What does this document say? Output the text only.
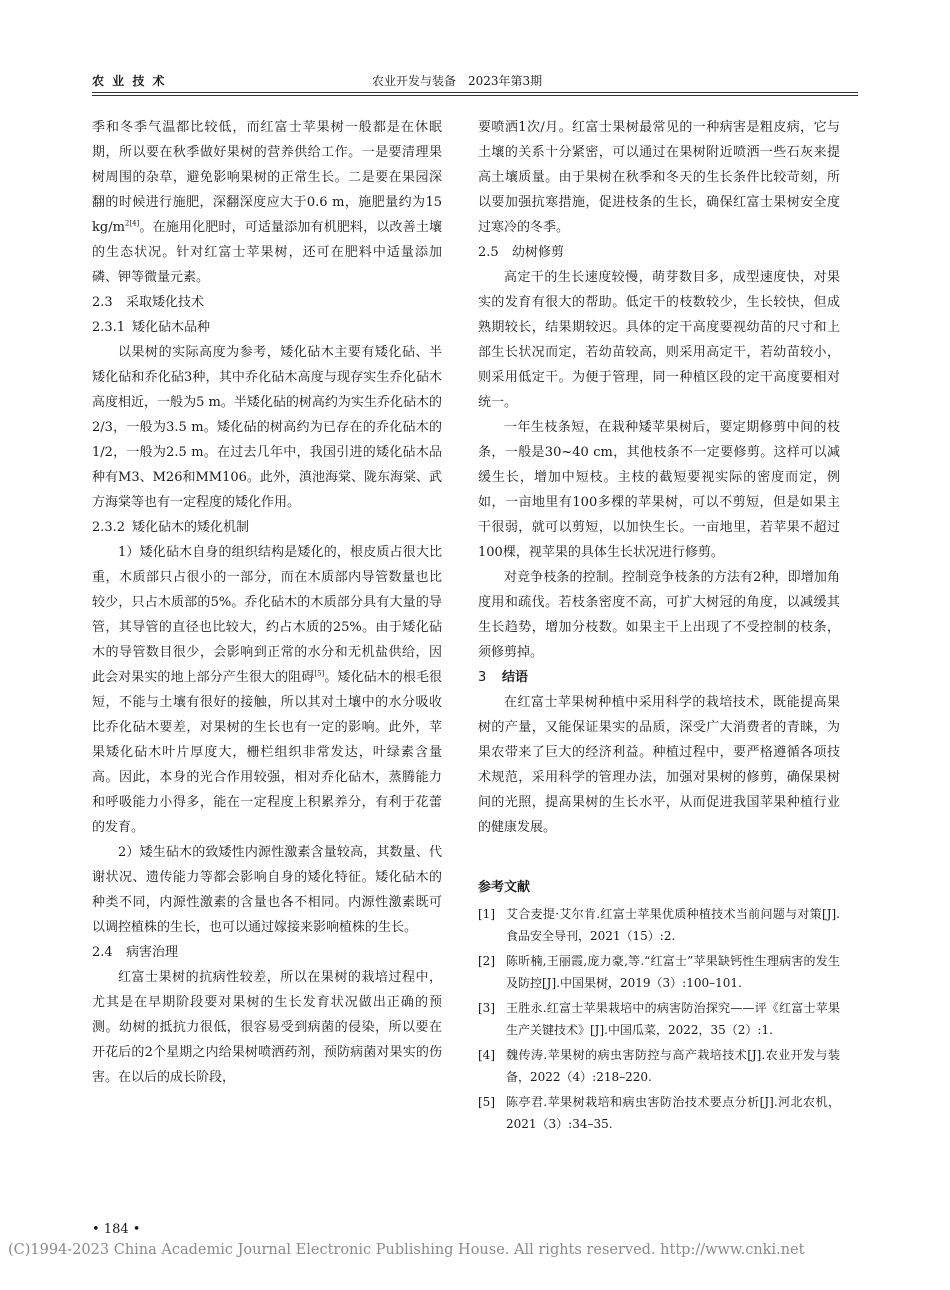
农 业 技 术	农业开发与装备　2023年第3期

季和冬季气温都比较低，而红富士苹果树一般都是在休眠期，所以要在秋季做好果树的营养供给工作。一是要清理果树周围的杂草，避免影响果树的正常生长。二是要在果园深翻的时候进行施肥，深翻深度应大于0.6 m，施肥量约为15 $kg/m^{2[4]}$。在施用化肥时，可适量添加有机肥料，以改善土壤的生态状况。针对红富士苹果树，还可在肥料中适量添加磷、钾等微量元素。

2.3 采取矮化技术
2.3.1 矮化砧木品种

以果树的实际高度为参考，矮化砧木主要有矮化砧、半矮化砧和乔化砧3种，其中乔化砧木高度与现存实生乔化砧木高度相近，一般为5 m。半矮化砧的树高约为实生乔化砧木的2/3，一般为3.5 m。矮化砧的树高约为已存在的乔化砧木的1/2，一般为2.5 m。在过去几年中，我国引进的矮化砧木品种有M3、M26和MM106。此外，滇池海棠、陇东海棠、武方海棠等也有一定程度的矮化作用。

2.3.2 矮化砧木的矮化机制

1）矮化砧木自身的组织结构是矮化的，根皮质占很大比重，木质部只占很小的一部分，而在木质部内导管数量也比较少，只占木质部的5%。乔化砧木的木质部分具有大量的导管，其导管的直径也比较大，约占木质的25%。由于矮化砧木的导管数目很少，会影响到正常的水分和无机盐供给，因此会对果实的地上部分产生很大的阻碍[5]。矮化砧木的根毛很短，不能与土壤有很好的接触，所以其对土壤中的水分吸收比乔化砧木要差，对果树的生长也有一定的影响。此外，苹果矮化砧木叶片厚度大，栅栏组织非常发达，叶绿素含量高。因此，本身的光合作用较强，相对乔化砧木，蒸腾能力和呼吸能力小得多，能在一定程度上积累养分，有利于花蕾的发育。

2）矮生砧木的致矮性内源性激素含量较高，其数量、代谢状况、遗传能力等都会影响自身的矮化特征。矮化砧木的种类不同，内源性激素的含量也各不相同。内源性激素既可以调控植株的生长，也可以通过嫁接来影响植株的生长。

2.4 病害治理

红富士果树的抗病性较差，所以在果树的栽培过程中，尤其是在早期阶段要对果树的生长发育状况做出正确的预测。幼树的抵抗力很低，很容易受到病菌的侵染，所以要在开花后的2个星期之内给果树喷洒药剂，预防病菌对果实的伤害。在以后的成长阶段，

要喷洒1次/月。红富士果树最常见的一种病害是粗皮病，它与土壤的关系十分紧密，可以通过在果树附近喷洒一些石灰来提高土壤质量。由于果树在秋季和冬天的生长条件比较苛刻，所以要加强抗寒措施，促进枝条的生长，确保红富士果树安全度过寒冷的冬季。

2.5 幼树修剪

高定干的生长速度较慢，萌芽数目多，成型速度快，对果实的发育有很大的帮助。低定干的枝数较少，生长较快，但成熟期较长，结果期较迟。具体的定干高度要视幼苗的尺寸和上部生长状况而定，若幼苗较高，则采用高定干，若幼苗较小，则采用低定干。为便于管理，同一种植区段的定干高度要相对统一。

一年生枝条短，在栽种矮苹果树后，要定期修剪中间的枝条，一般是30~40 cm，其他枝条不一定要修剪。这样可以减缓生长，增加中短枝。主枝的截短要视实际的密度而定，例如，一亩地里有100多棵的苹果树，可以不剪短，但是如果主干很弱，就可以剪短，以加快生长。一亩地里，若苹果不超过100棵，视苹果的具体生长状况进行修剪。

对竞争枝条的控制。控制竞争枝条的方法有2种，即增加角度用和疏伐。若枝条密度不高，可扩大树冠的角度，以减缓其生长趋势，增加分枝数。如果主干上出现了不受控制的枝条，须修剪掉。

3 结语

在红富士苹果树种植中采用科学的栽培技术，既能提高果树的产量，又能保证果实的品质，深受广大消费者的青睐，为果农带来了巨大的经济利益。种植过程中，要严格遵循各项技术规范，采用科学的管理办法，加强对果树的修剪，确保果树间的光照，提高果树的生长水平，从而促进我国苹果种植行业的健康发展。

参考文献
[1] 艾合麦提·艾尔肯.红富士苹果优质种植技术当前问题与对策[J].食品安全导刊，2021（15）:2.
[2] 陈昕楠,王丽霞,庞力豪,等.“红富士”苹果缺钙性生理病害的发生及防控[J].中国果树，2019（3）:100–101.
[3] 王胜永.红富士苹果栽培中的病害防治探究——评《红富士苹果生产关键技术》[J].中国瓜菜，2022，35（2）:1.
[4] 魏传涛.苹果树的病虫害防控与高产栽培技术[J].农业开发与装备，2022（4）:218–220.
[5] 陈亭君.苹果树栽培和病虫害防治技术要点分析[J].河北农机，2021（3）:34–35.
• 184 •
(C)1994-2023 China Academic Journal Electronic Publishing House. All rights reserved. http://www.cnki.net
